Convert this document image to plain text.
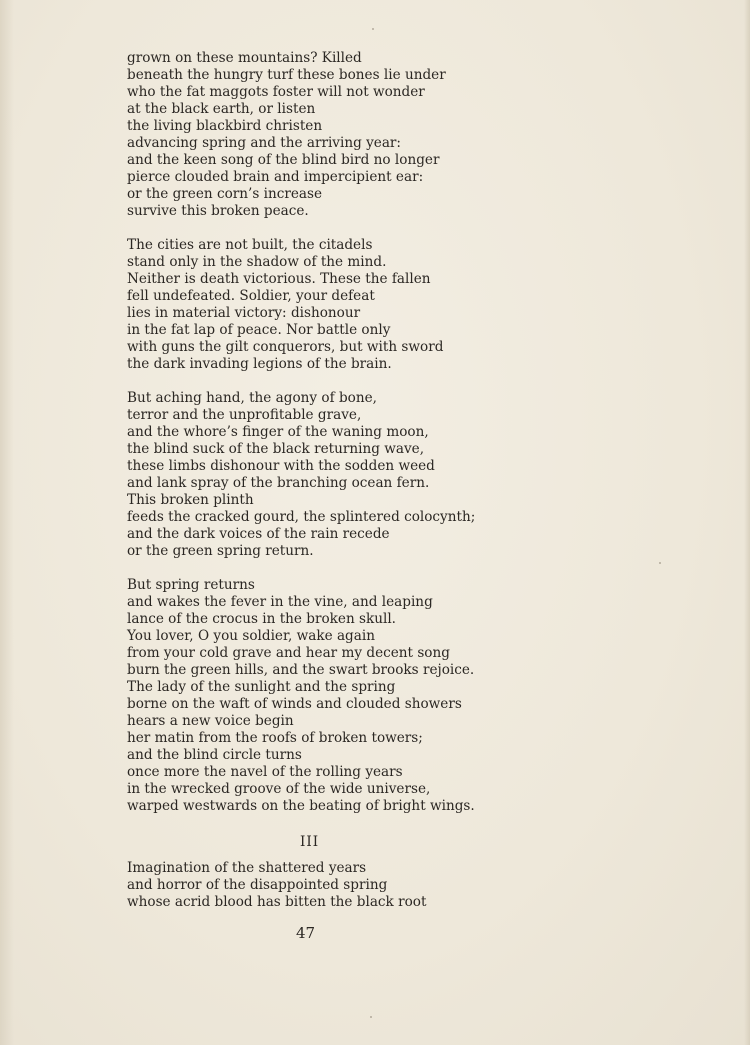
grown on these mountains? Killed
beneath the hungry turf these bones lie under
who the fat maggots foster will not wonder
at the black earth, or listen
the living blackbird christen
advancing spring and the arriving year:
and the keen song of the blind bird no longer
pierce clouded brain and impercipient ear:
or the green corn’s increase
survive this broken peace.
The cities are not built, the citadels
stand only in the shadow of the mind.
Neither is death victorious. These the fallen
fell undefeated. Soldier, your defeat
lies in material victory: dishonour
in the fat lap of peace. Nor battle only
with guns the gilt conquerors, but with sword
the dark invading legions of the brain.
But aching hand, the agony of bone,
terror and the unprofitable grave,
and the whore’s finger of the waning moon,
the blind suck of the black returning wave,
these limbs dishonour with the sodden weed
and lank spray of the branching ocean fern.
This broken plinth
feeds the cracked gourd, the splintered colocynth;
and the dark voices of the rain recede
or the green spring return.
But spring returns
and wakes the fever in the vine, and leaping
lance of the crocus in the broken skull.
You lover, O you soldier, wake again
from your cold grave and hear my decent song
burn the green hills, and the swart brooks rejoice.
The lady of the sunlight and the spring
borne on the waft of winds and clouded showers
hears a new voice begin
her matin from the roofs of broken towers;
and the blind circle turns
once more the navel of the rolling years
in the wrecked groove of the wide universe,
warped westwards on the beating of bright wings.
III
Imagination of the shattered years
and horror of the disappointed spring
whose acrid blood has bitten the black root
47
